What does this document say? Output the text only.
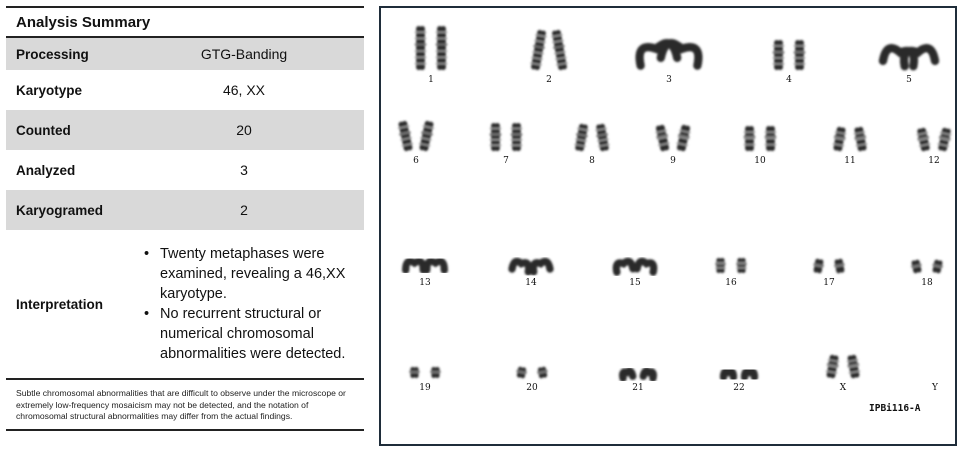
Analysis Summary
Processing	GTG-Banding
Karyotype	46, XX
Counted	20
Analyzed	3
Karyogramed	2
Interpretation
• Twenty metaphases were examined, revealing a 46,XX karyotype.
• No recurrent structural or numerical chromosomal abnormalities were detected.
Subtle chromosomal abnormalities that are difficult to observe under the microscope or extremely low-frequency mosaicism may not be detected, and the notation of chromosomal structural abnormalities may differ from the actual findings.
1	2	3	4	5
6	7	8	9	10	11	12
13	14	15	16	17	18
19	20	21	22	X	Y
IPBi116-A
